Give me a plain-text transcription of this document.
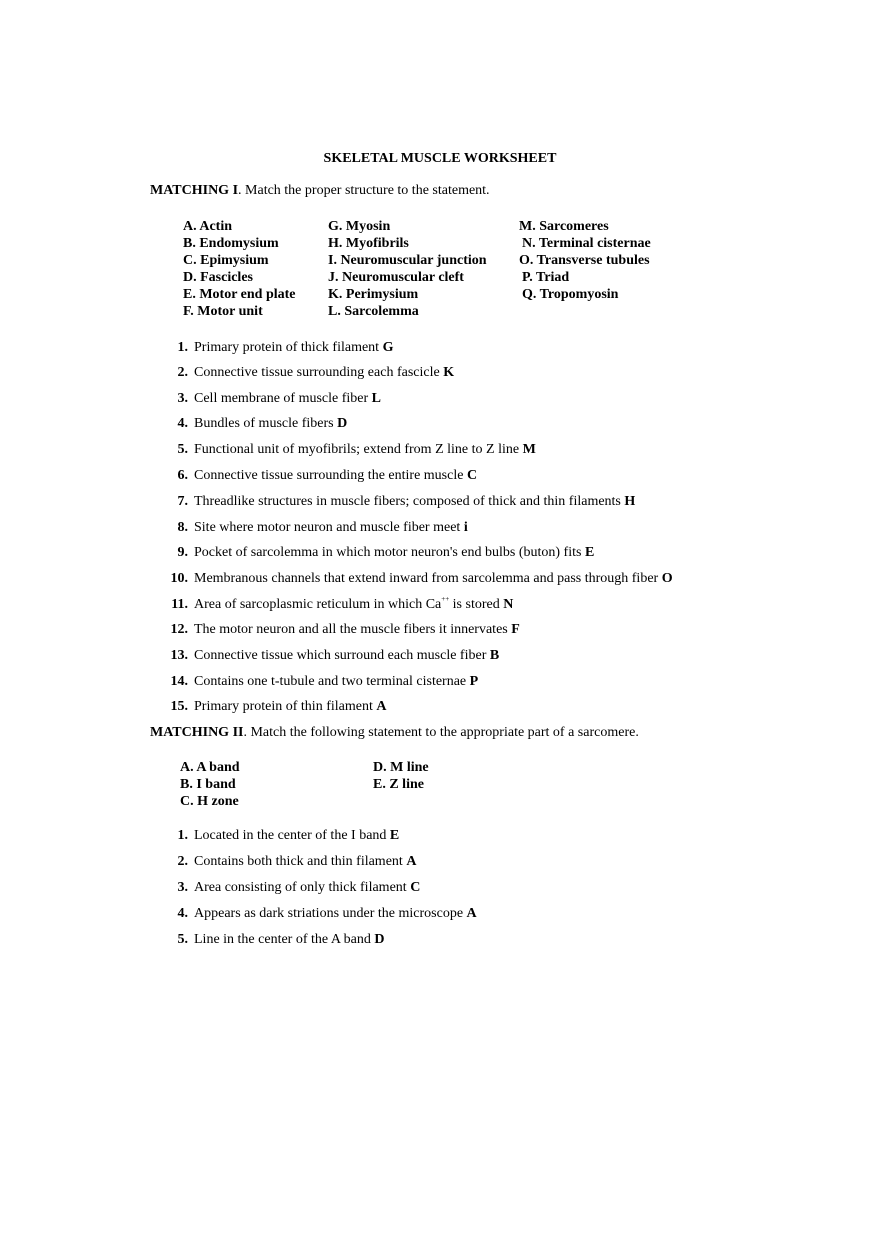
SKELETAL MUSCLE WORKSHEET
MATCHING I. Match the proper structure to the statement.
A. Actin
B. Endomysium
C. Epimysium
D. Fascicles
E. Motor end plate
F. Motor unit
G. Myosin
H. Myofibrils
I. Neuromuscular junction
J. Neuromuscular cleft
K. Perimysium
L. Sarcolemma
M. Sarcomeres
N. Terminal cisternae
O. Transverse tubules
P. Triad
Q. Tropomyosin
1. Primary protein of thick filament G
2. Connective tissue surrounding each fascicle K
3. Cell membrane of muscle fiber L
4. Bundles of muscle fibers D
5. Functional unit of myofibrils; extend from Z line to Z line M
6. Connective tissue surrounding the entire muscle C
7. Threadlike structures in muscle fibers; composed of thick and thin filaments H
8. Site where motor neuron and muscle fiber meet i
9. Pocket of sarcolemma in which motor neuron's end bulbs (buton) fits E
10. Membranous channels that extend inward from sarcolemma and pass through fiber O
11. Area of sarcoplasmic reticulum in which Ca++ is stored N
12. The motor neuron and all the muscle fibers it innervates F
13. Connective tissue which surround each muscle fiber B
14. Contains one t-tubule and two terminal cisternae P
15. Primary protein of thin filament A
MATCHING II. Match the following statement to the appropriate part of a sarcomere.
A. A band
B. I band
C. H zone
D. M line
E. Z line
1. Located in the center of the I band E
2. Contains both thick and thin filament A
3. Area consisting of only thick filament C
4. Appears as dark striations under the microscope A
5. Line in the center of the A band D
